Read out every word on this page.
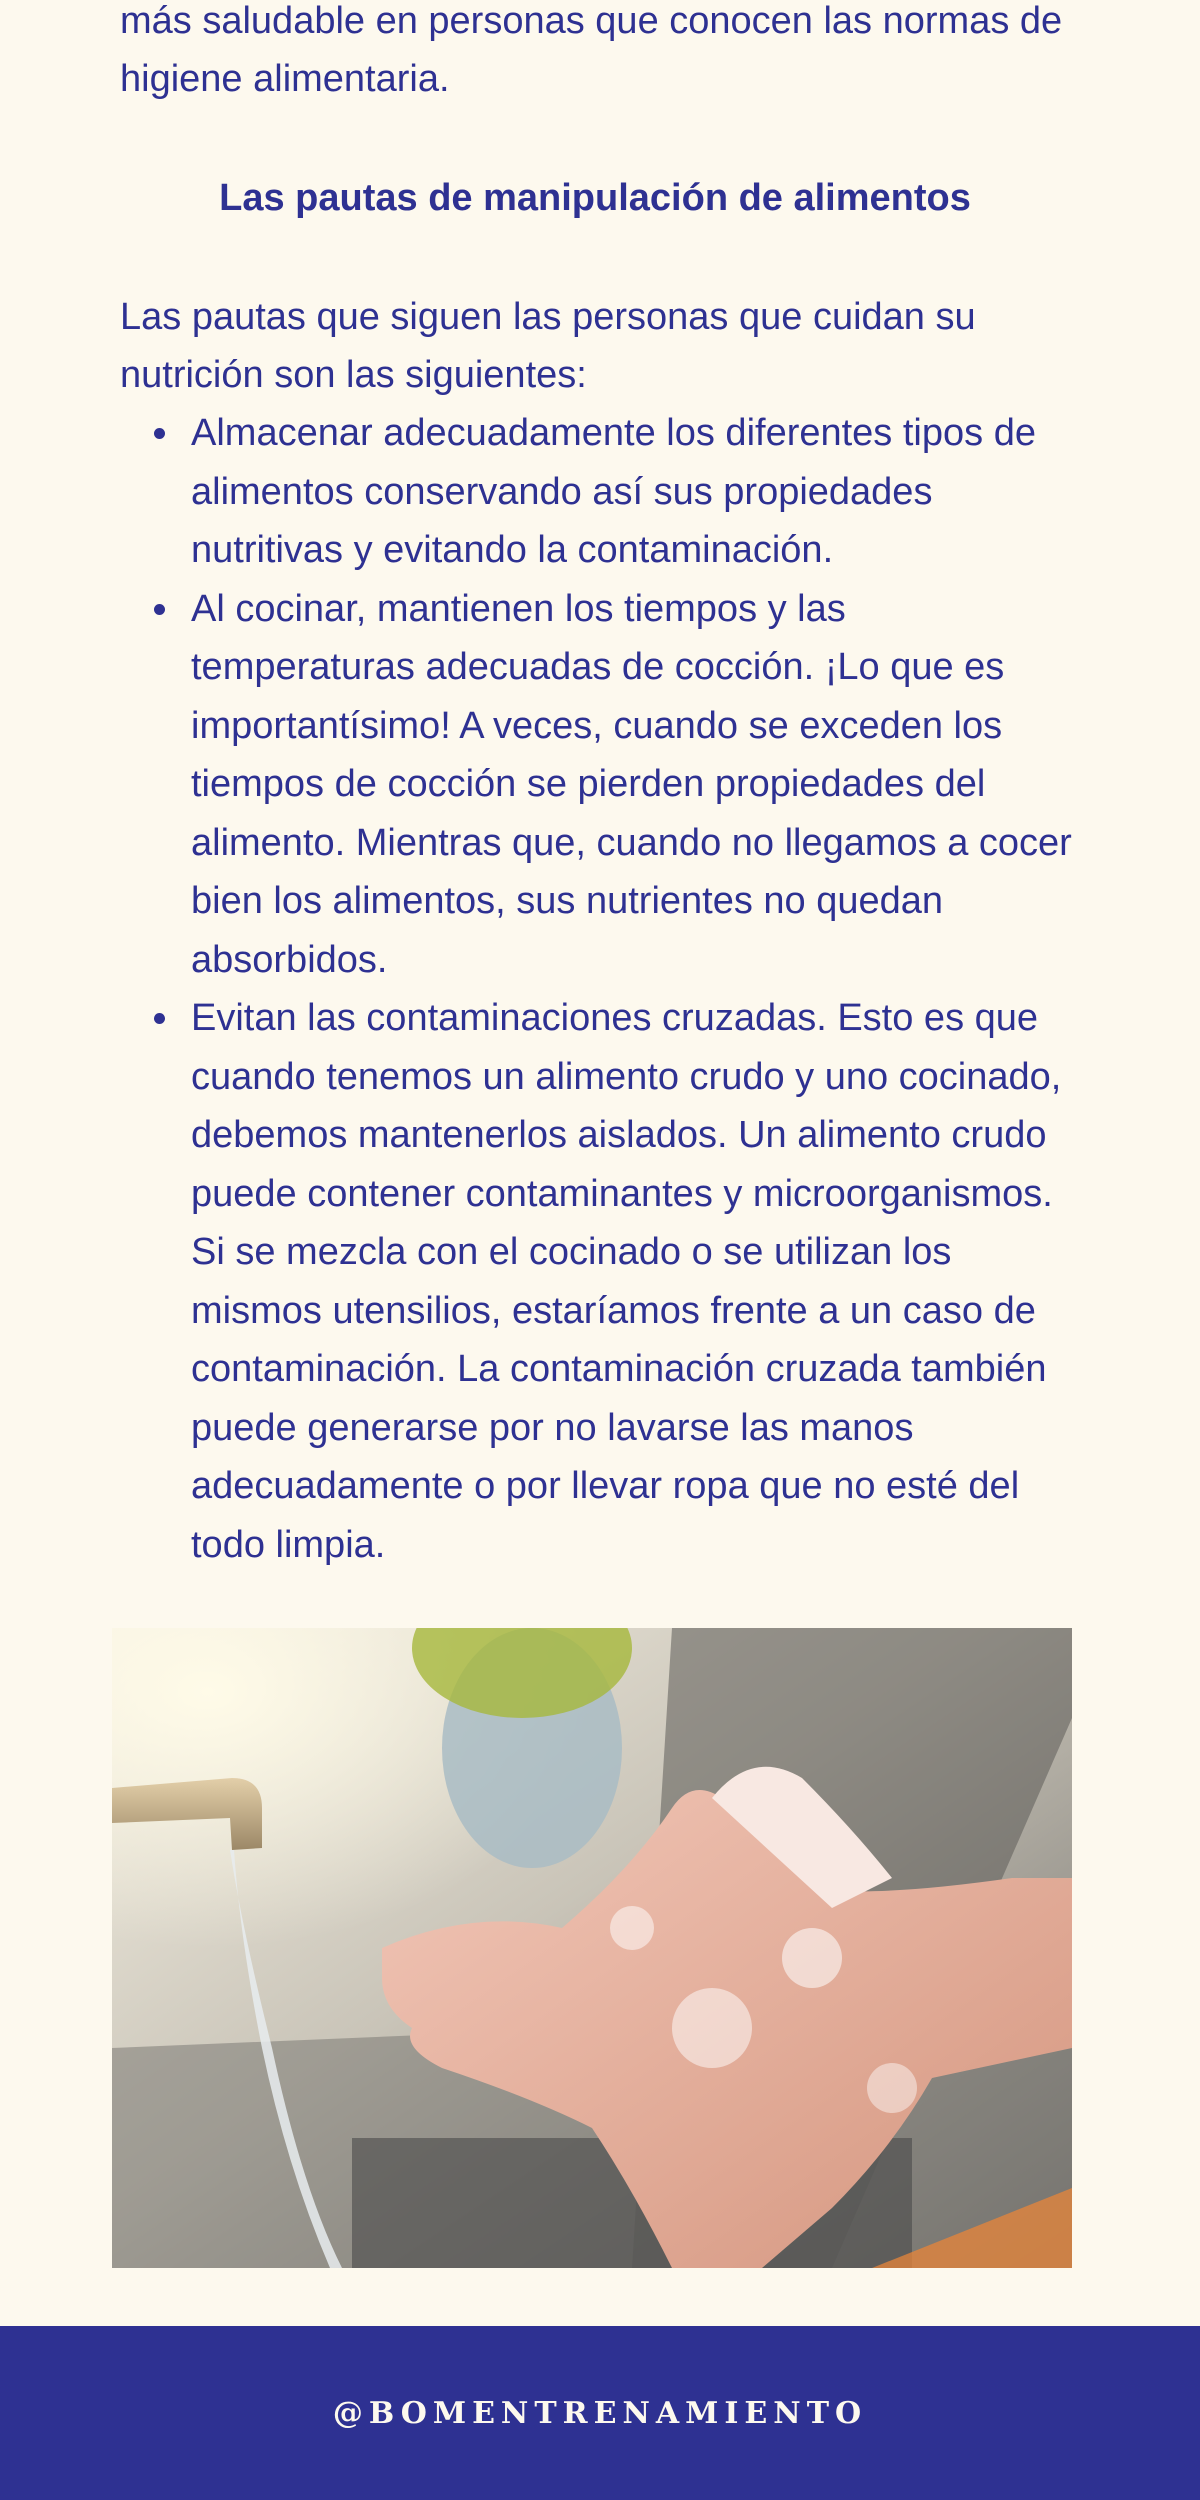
más saludable en personas que conocen las normas de higiene alimentaria.

Las pautas de manipulación de alimentos

Las pautas que siguen las personas que cuidan su nutrición son las siguientes:

Almacenar adecuadamente los diferentes tipos de alimentos conservando así sus propiedades nutritivas y evitando la contaminación.
Al cocinar, mantienen los tiempos y las temperaturas adecuadas de cocción. ¡Lo que es importantísimo! A veces, cuando se exceden los tiempos de cocción se pierden propiedades del alimento. Mientras que, cuando no llegamos a cocer bien los alimentos, sus nutrientes no quedan absorbidos.
Evitan las contaminaciones cruzadas. Esto es que cuando tenemos un alimento crudo y uno cocinado, debemos mantenerlos aislados. Un alimento crudo puede contener contaminantes y microorganismos. Si se mezcla con el cocinado o se utilizan los mismos utensilios, estaríamos frente a un caso de contaminación. La contaminación cruzada también puede generarse por no lavarse las manos adecuadamente o por llevar ropa que no esté del todo limpia.
@BOMENTRENAMIENTO
